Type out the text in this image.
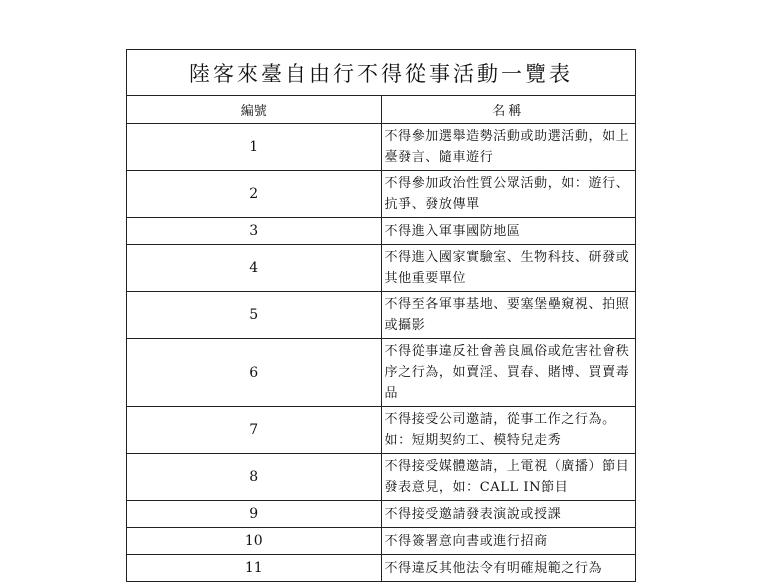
陸客來臺自由行不得從事活動一覽表	
編號	名稱
1	不得參加選舉造勢活動或助選活動，如上臺發言、隨車遊行
2	不得參加政治性質公眾活動，如：遊行、抗爭、發放傳單
3	不得進入軍事國防地區
4	不得進入國家實驗室、生物科技、研發或其他重要單位
5	不得至各軍事基地、要塞堡壘窺視、拍照或攝影
6	不得從事違反社會善良風俗或危害社會秩序之行為，如賣淫、買春、賭博、買賣毒品
7	不得接受公司邀請，從事工作之行為。如：短期契約工、模特兒走秀
8	不得接受媒體邀請，上電視（廣播）節目發表意見，如：CALL IN節目
9	不得接受邀請發表演說或授課
10	不得簽署意向書或進行招商
11	不得違反其他法令有明確規範之行為
